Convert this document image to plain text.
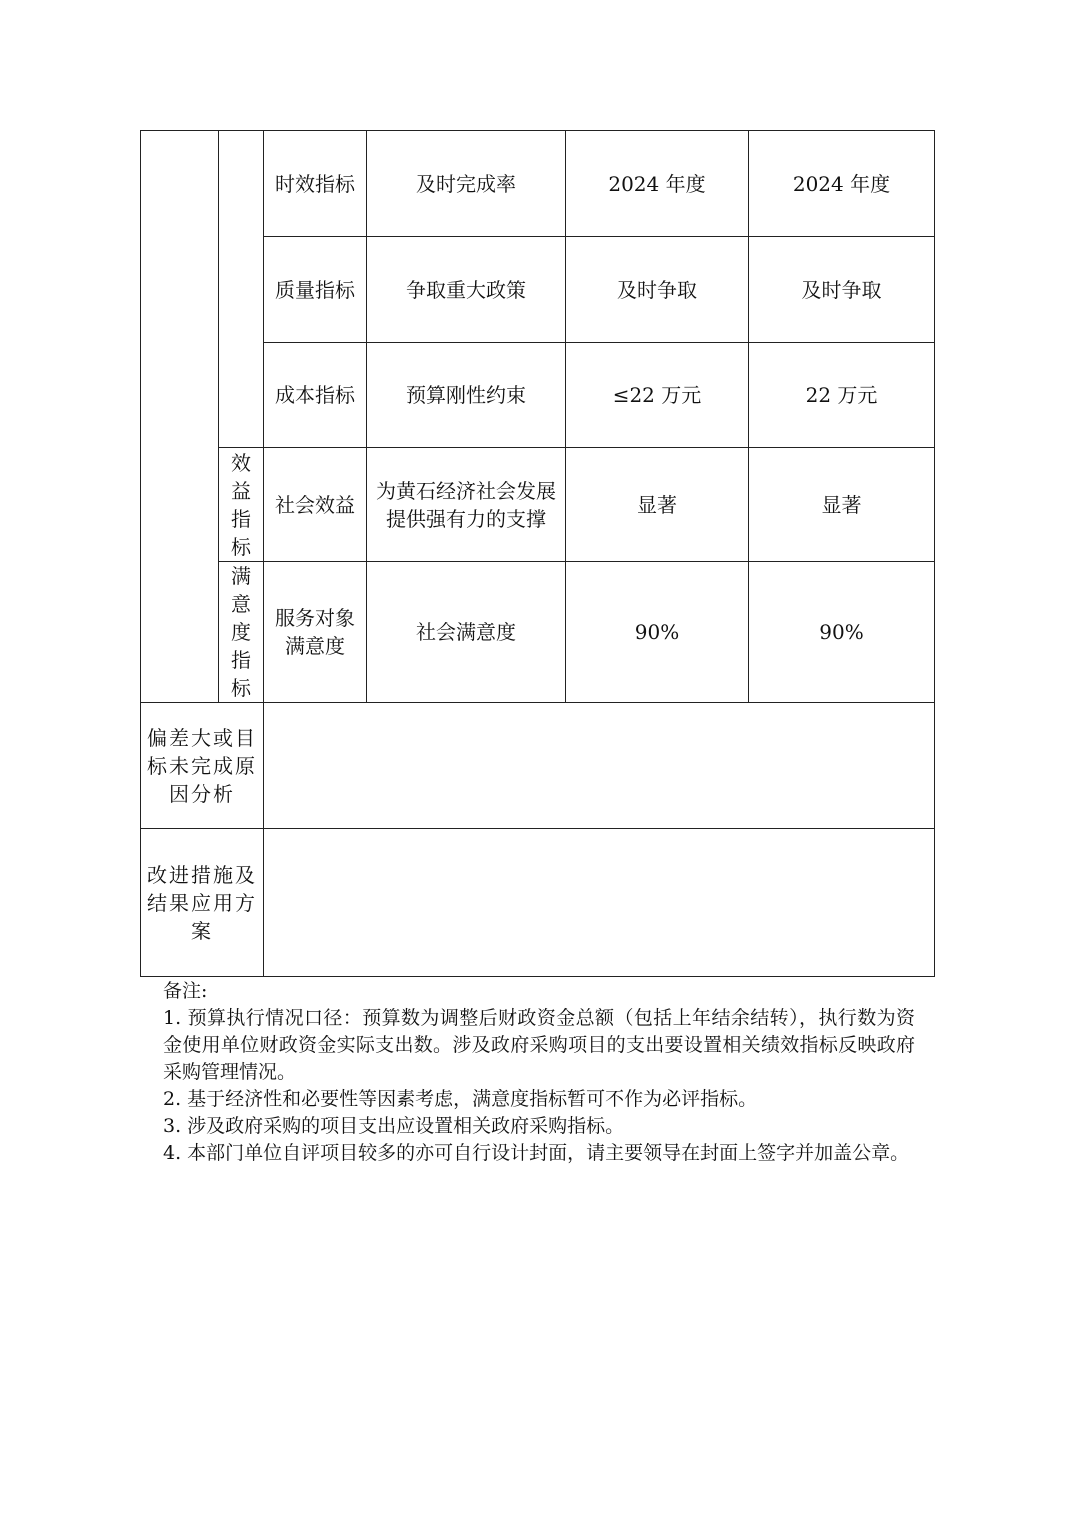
		时效指标	及时完成率	2024 年度	2024 年度
		质量指标	争取重大政策	及时争取	及时争取
		成本指标	预算刚性约束	≤22 万元	22 万元

	效益指标	社会效益	为黄石经济社会发展提供强有力的支撑	显著	显著

	满意度指标	服务对象满意度	社会满意度	90%	90%
偏差大或目标未完成原因分析					
改进措施及结果应用方案					
备注:
1. 预算执行情况口径：预算数为调整后财政资金总额（包括上年结余结转），执行数为资金使用单位财政资金实际支出数。涉及政府采购项目的支出要设置相关绩效指标反映政府采购管理情况。
2. 基于经济性和必要性等因素考虑，满意度指标暂可不作为必评指标。
3. 涉及政府采购的项目支出应设置相关政府采购指标。
4. 本部门单位自评项目较多的亦可自行设计封面，请主要领导在封面上签字并加盖公章。
